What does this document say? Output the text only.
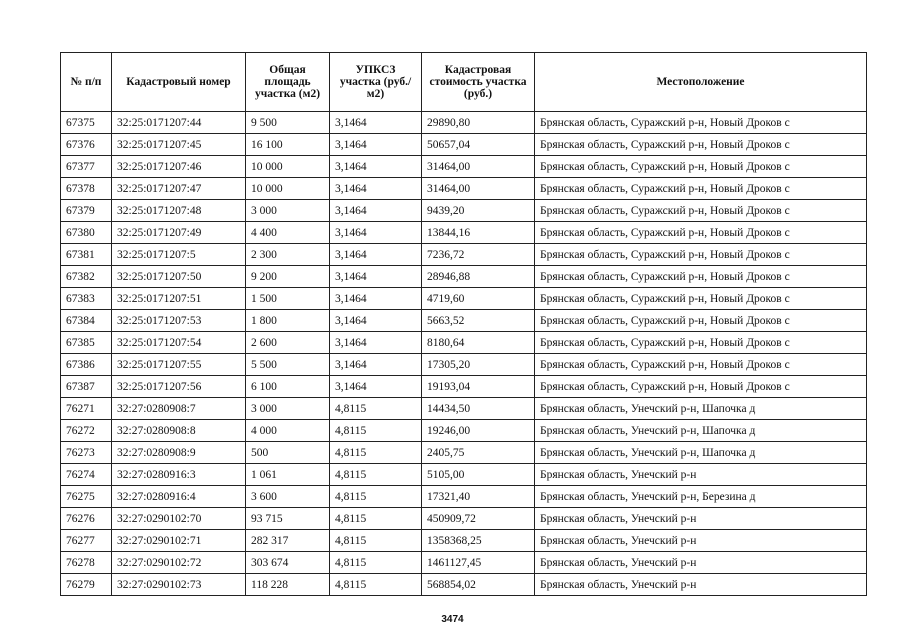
№ п/п	Кадастровый номер	Общая площадь участка (м2)	УПКСЗ участка (руб./м2)	Кадастровая стоимость участка (руб.)	Местоположение
67375	32:25:0171207:44	9 500	3,1464	29890,80	Брянская область, Суражский р-н, Новый Дроков с
67376	32:25:0171207:45	16 100	3,1464	50657,04	Брянская область, Суражский р-н, Новый Дроков с
67377	32:25:0171207:46	10 000	3,1464	31464,00	Брянская область, Суражский р-н, Новый Дроков с
67378	32:25:0171207:47	10 000	3,1464	31464,00	Брянская область, Суражский р-н, Новый Дроков с
67379	32:25:0171207:48	3 000	3,1464	9439,20	Брянская область, Суражский р-н, Новый Дроков с
67380	32:25:0171207:49	4 400	3,1464	13844,16	Брянская область, Суражский р-н, Новый Дроков с
67381	32:25:0171207:5	2 300	3,1464	7236,72	Брянская область, Суражский р-н, Новый Дроков с
67382	32:25:0171207:50	9 200	3,1464	28946,88	Брянская область, Суражский р-н, Новый Дроков с
67383	32:25:0171207:51	1 500	3,1464	4719,60	Брянская область, Суражский р-н, Новый Дроков с
67384	32:25:0171207:53	1 800	3,1464	5663,52	Брянская область, Суражский р-н, Новый Дроков с
67385	32:25:0171207:54	2 600	3,1464	8180,64	Брянская область, Суражский р-н, Новый Дроков с
67386	32:25:0171207:55	5 500	3,1464	17305,20	Брянская область, Суражский р-н, Новый Дроков с
67387	32:25:0171207:56	6 100	3,1464	19193,04	Брянская область, Суражский р-н, Новый Дроков с
76271	32:27:0280908:7	3 000	4,8115	14434,50	Брянская область, Унечский р-н, Шапочка д
76272	32:27:0280908:8	4 000	4,8115	19246,00	Брянская область, Унечский р-н, Шапочка д
76273	32:27:0280908:9	500	4,8115	2405,75	Брянская область, Унечский р-н, Шапочка д
76274	32:27:0280916:3	1 061	4,8115	5105,00	Брянская область, Унечский р-н
76275	32:27:0280916:4	3 600	4,8115	17321,40	Брянская область, Унечский р-н, Березина д
76276	32:27:0290102:70	93 715	4,8115	450909,72	Брянская область, Унечский р-н
76277	32:27:0290102:71	282 317	4,8115	1358368,25	Брянская область, Унечский р-н
76278	32:27:0290102:72	303 674	4,8115	1461127,45	Брянская область, Унечский р-н
76279	32:27:0290102:73	118 228	4,8115	568854,02	Брянская область, Унечский р-н
3474
